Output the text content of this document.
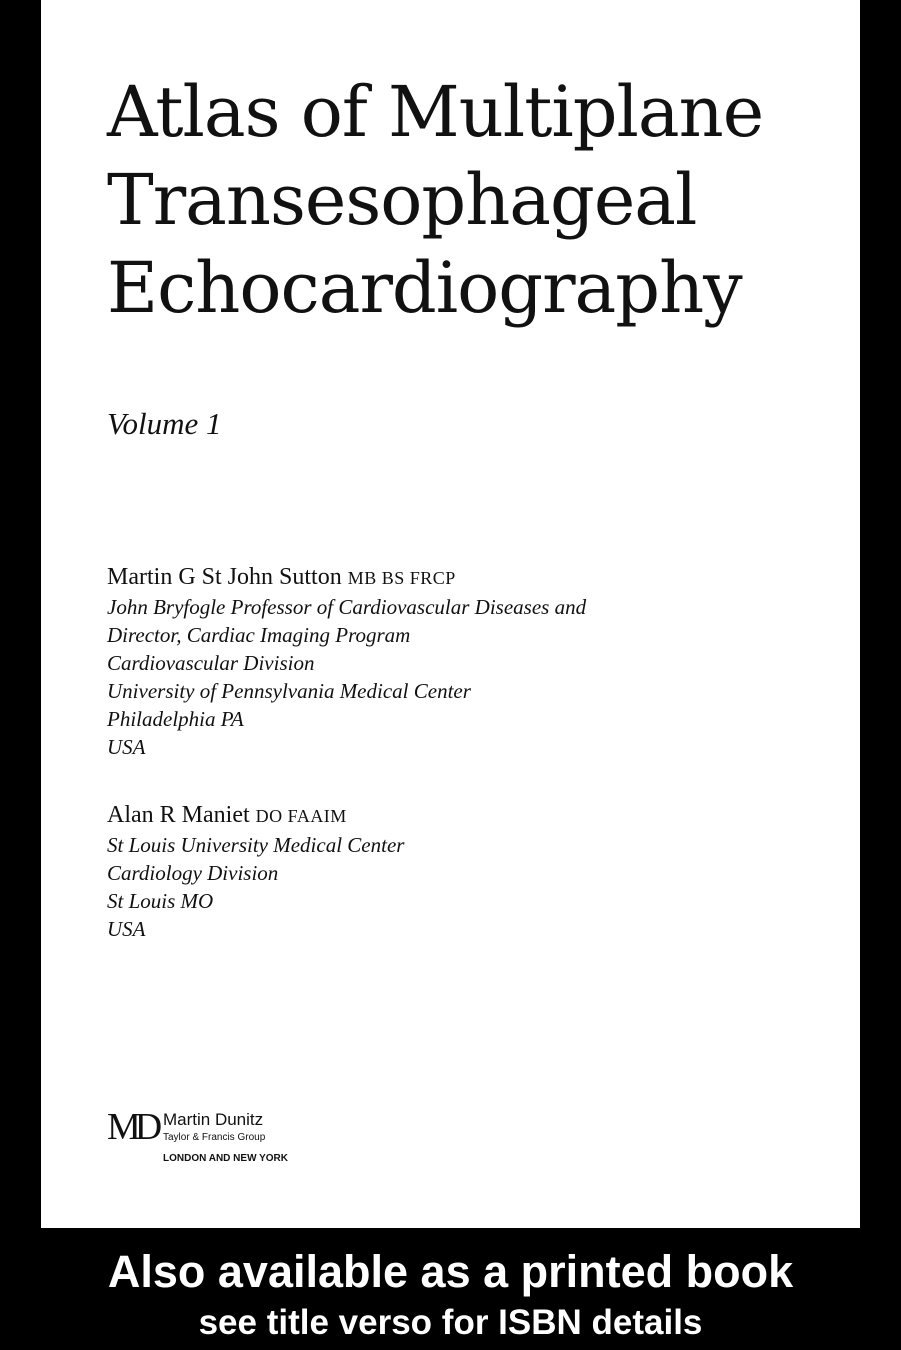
Atlas of Multiplane
Transesophageal
Echocardiography
Volume 1
Martin G St John Sutton MB BS FRCP
John Bryfogle Professor of Cardiovascular Diseases and
Director, Cardiac Imaging Program
Cardiovascular Division
University of Pennsylvania Medical Center
Philadelphia PA
USA
Alan R Maniet DO FAAIM
St Louis University Medical Center
Cardiology Division
St Louis MO
USA
MD Martin Dunitz
Taylor & Francis Group
LONDON AND NEW YORK
Also available as a printed book
see title verso for ISBN details
